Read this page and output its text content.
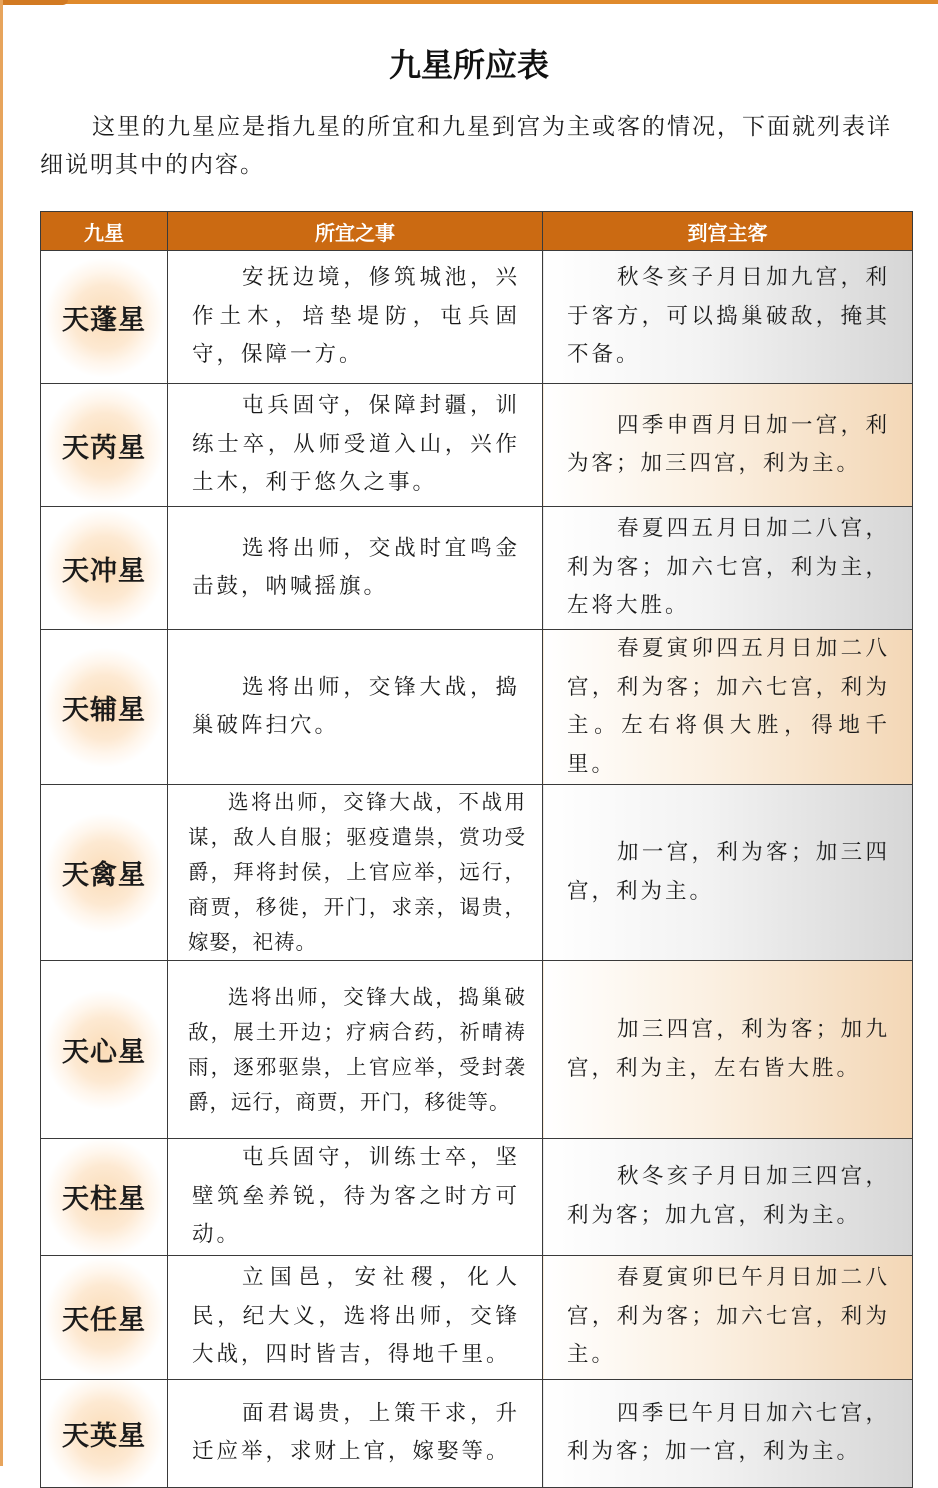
九星所应表

这里的九星应是指九星的所宜和九星到宫为主或客的情况，下面就列表详细说明其中的内容。

九星	所宜之事	到宫主客
天蓬星	安抚边境，修筑城池，兴作土木，培垫堤防，屯兵固守，保障一方。	秋冬亥子月日加九宫，利于客方，可以捣巢破敌，掩其不备。

天芮星	屯兵固守，保障封疆，训练士卒，从师受道入山，兴作土木，利于悠久之事。	四季申酉月日加一宫，利为客；加三四宫，利为主。

天冲星	选将出师，交战时宜鸣金击鼓，呐喊摇旗。	春夏四五月日加二八宫，利为客；加六七宫，利为主，左将大胜。

天辅星	选将出师，交锋大战，捣巢破阵扫穴。	春夏寅卯四五月日加二八宫，利为客；加六七宫，利为主。左右将俱大胜，得地千里。

天禽星	选将出师，交锋大战，不战用谋，敌人自服；驱疫遣祟，赏功受爵，拜将封侯，上官应举，远行，商贾，移徙，开门，求亲，谒贵，嫁娶，祀祷。	加一宫，利为客；加三四宫，利为主。

天心星	选将出师，交锋大战，捣巢破敌，展土开边；疗病合药，祈晴祷雨，逐邪驱祟，上官应举，受封袭爵，远行，商贾，开门，移徙等。	加三四宫，利为客；加九宫，利为主，左右皆大胜。

天柱星	屯兵固守，训练士卒，坚壁筑垒养锐，待为客之时方可动。	秋冬亥子月日加三四宫，利为客；加九宫，利为主。

天任星	立国邑，安社稷，化人民，纪大义，选将出师，交锋大战，四时皆吉，得地千里。	春夏寅卯巳午月日加二八宫，利为客；加六七宫，利为主。

天英星	面君谒贵，上策干求，升迁应举，求财上官，嫁娶等。	四季巳午月日加六七宫，利为客；加一宫，利为主。
